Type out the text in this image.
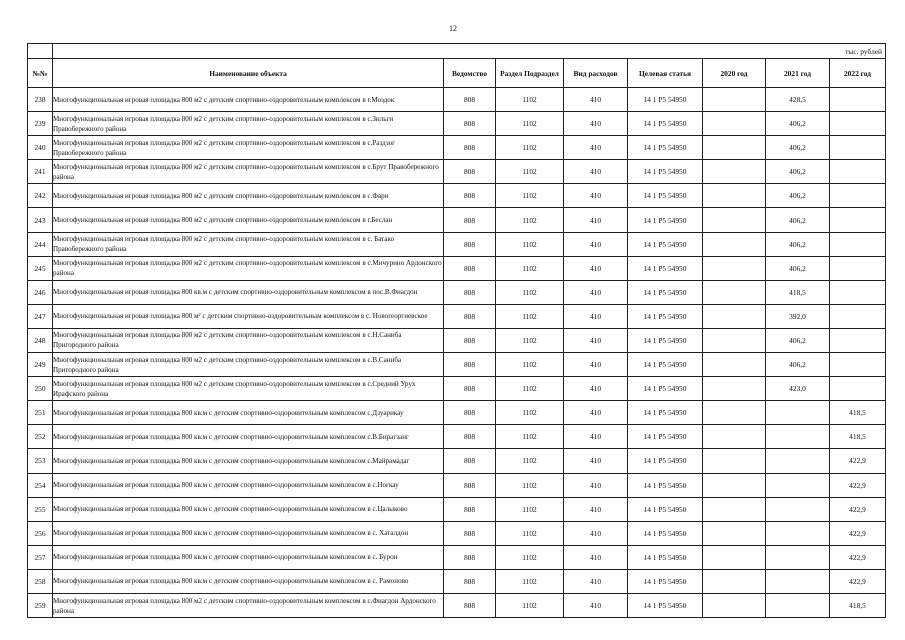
12
	тыс. рублей							
№№	Наименование объекта	Ведомство	Раздел Подраздел	Вид расходов	Целевая статья	2020 год	2021 год	2022 год
238	Многофункциональная игровая площадка 800 м2 с детским спортивно-оздоровительным комплексом в г.Моздок	808	1102	410	14 1 Р5 54950		428,5	
239	Многофункциональная игровая площадка 800 м2 с детским спортивно-оздоровительным комплексом в с.Зильги Правобережного района	808	1102	410	14 1 Р5 54950		406,2	
240	Многофункциональная игровая площадка 800 м2 с детским спортивно-оздоровительным комплексом в с.Раздзог Правобережного района	808	1102	410	14 1 Р5 54950		406,2	
241	Многофункциональная игровая площадка 800 м2 с детским спортивно-оздоровительным комплексом в с.Брут Правобережного района	808	1102	410	14 1 Р5 54950		406,2	
242	Многофункциональная игровая площадка 800 м2 с детским спортивно-оздоровительным комплексом в с.Фарн	808	1102	410	14 1 Р5 54950		406,2	
243	Многофункциональная игровая площадка 800 м2 с детским спортивно-оздоровительным комплексом в г.Беслан	808	1102	410	14 1 Р5 54950		406,2	
244	Многофункциональная игровая площадка 800 м2 с детским спортивно-оздоровительным комплексом в с. Батако Правобережного района	808	1102	410	14 1 Р5 54950		406,2	
245	Многофункциональная игровая площадка 800 м2 с детским спортивно-оздоровительным комплексом в с.Мичурино Ардонского района	808	1102	410	14 1 Р5 54950		406,2	
246	Многофункциональная игровая площадка 800 кв.м с детским спортивно-оздоровительным комплексом в пос.В.Фиагдон	808	1102	410	14 1 Р5 54950		418,5	
247	Многофункциональная игровая площадка 800 м² с детским спортивно-оздоровительным комплексом в с. Новогеоргиевское	808	1102	410	14 1 Р5 54950		392,0	
248	Многофункциональная игровая площадка 800 м2 с детским спортивно-оздоровительным комплексом в с.Н.Саниба Пригородного района	808	1102	410	14 1 Р5 54950		406,2	
249	Многофункциональная игровая площадка 800 м2 с детским спортивно-оздоровительным комплексом в с.В.Саниба Пригородного района	808	1102	410	14 1 Р5 54950		406,2	
250	Многофункциональная игровая площадка 800 м2 с детским спортивно-оздоровительным комплексом в с.Средний Урух Ирафского района	808	1102	410	14 1 Р5 54950		423,0	
251	Многофункциональная игровая площадка 800 кв.м с детским спортивно-оздоровительным комплексом с.Дзуарикау	808	1102	410	14 1 Р5 54950			418,5
252	Многофункциональная игровая площадка 800 кв.м с детским спортивно-оздоровительным комплексом с.В.Бирагзанг	808	1102	410	14 1 Р5 54950			418,5
253	Многофункциональная игровая площадка 800 кв.м с детским спортивно-оздоровительным комплексом с.Майрамадаг	808	1102	410	14 1 Р5 54950			422,9
254	Многофункциональная игровая площадка 800 кв.м с детским спортивно-оздоровительным комплексом в с.Ногкау	808	1102	410	14 1 Р5 54950			422,9
255	Многофункциональная игровая площадка 800 кв.м с детским спортивно-оздоровительным комплексом в с.Цалыково	808	1102	410	14 1 Р5 54950			422,9
256	Многофункциональная игровая площадка 800 кв.м с детским спортивно-оздоровительным комплексом в с. Хаталдон	808	1102	410	14 1 Р5 54950			422,9
257	Многофункциональная игровая площадка 800 кв.м с детским спортивно-оздоровительным комплексом в с. Бурон	808	1102	410	14 1 Р5 54950			422,9
258	Многофункциональная игровая площадка 800 кв.м с детским спортивно-оздоровительным комплексом в с. Рамоново	808	1102	410	14 1 Р5 54950			422,9
259	Многофункциональная игровая площадка 800 м2 с детским спортивно-оздоровительным комплексом в с.Фиагдон Ардонского района	808	1102	410	14 1 Р5 54950			418,5
